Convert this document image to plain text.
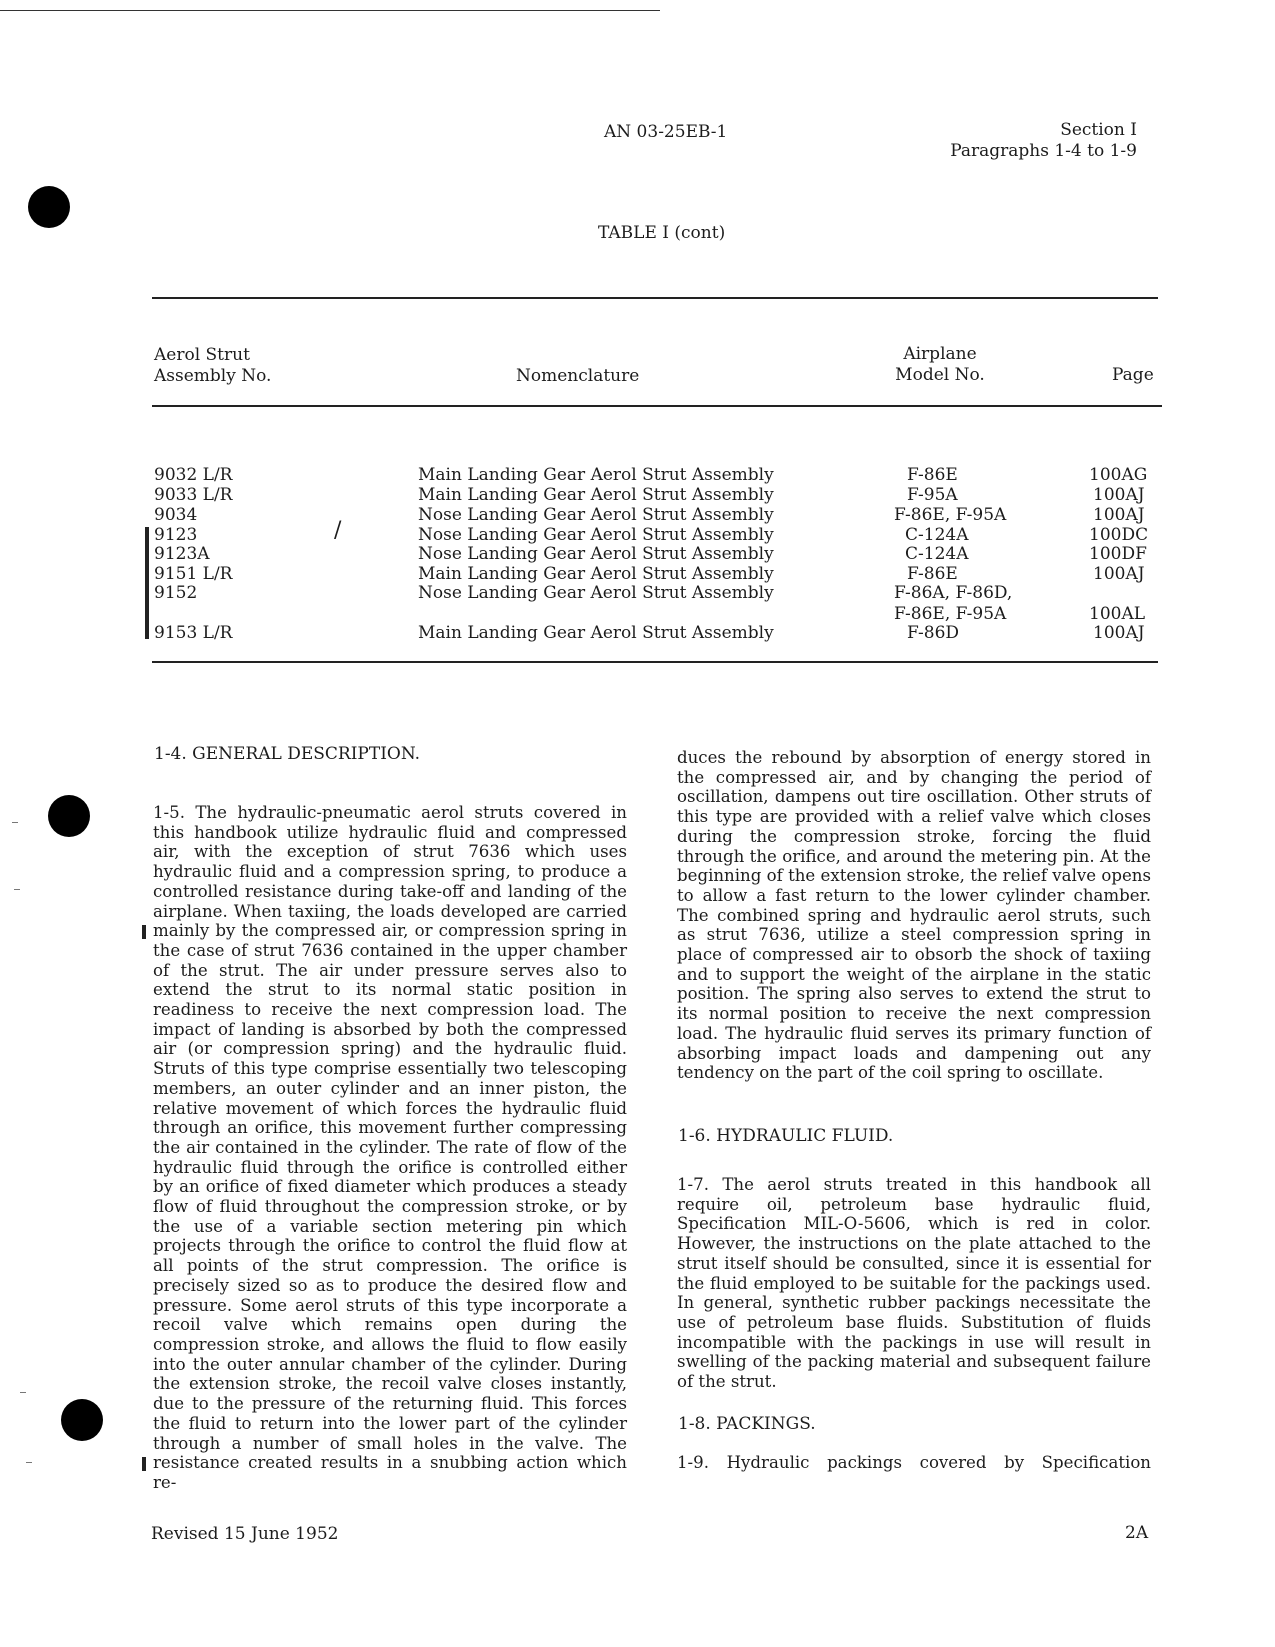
AN 03-25EB-1	Section I
Paragraphs 1-4 to 1-9
TABLE I (cont)
Aerol Strut
Assembly No.	Nomenclature
Airplane
Model No.	Page
9032 L/R	Main Landing Gear Aerol Strut Assembly	F-86E	100AG
9033 L/R	Main Landing Gear Aerol Strut Assembly	F-95A	100AJ
9034	Nose Landing Gear Aerol Strut Assembly	F-86E, F-95A	100AJ
9123	Nose Landing Gear Aerol Strut Assembly	C-124A	100DC
9123A	Nose Landing Gear Aerol Strut Assembly	C-124A	100DF
9151 L/R	Main Landing Gear Aerol Strut Assembly	F-86E	100AJ
9152	Nose Landing Gear Aerol Strut Assembly	F-86A, F-86D,
F-86E, F-95A	100AL
9153 L/R	Main Landing Gear Aerol Strut Assembly	F-86D	100AJ
/
1-4. GENERAL DESCRIPTION.

1-5. The hydraulic-pneumatic aerol struts covered in this handbook utilize hydraulic fluid and compressed air, with the exception of strut 7636 which uses hydraulic fluid and a compression spring, to produce a controlled resistance during take-off and landing of the airplane. When taxiing, the loads developed are carried mainly by the compressed air, or compression spring in the case of strut 7636 contained in the upper chamber of the strut. The air under pressure serves also to extend the strut to its normal static position in readiness to receive the next compression load. The impact of landing is absorbed by both the compressed air (or compression spring) and the hydraulic fluid. Struts of this type comprise essentially two telescoping members, an outer cylinder and an inner piston, the relative movement of which forces the hydraulic fluid through an orifice, this movement further compressing the air contained in the cylinder. The rate of flow of the hydraulic fluid through the orifice is controlled either by an orifice of fixed diameter which produces a steady flow of fluid throughout the compression stroke, or by the use of a variable section metering pin which projects through the orifice to control the fluid flow at all points of the strut compression. The orifice is precisely sized so as to produce the desired flow and pressure. Some aerol struts of this type incorporate a recoil valve which remains open during the compression stroke, and allows the fluid to flow easily into the outer annular chamber of the cylinder. During the extension stroke, the recoil valve closes instantly, due to the pressure of the returning fluid. This forces the fluid to return into the lower part of the cylinder through a number of small holes in the valve. The resistance created results in a snubbing action which re-

duces the rebound by absorption of energy stored in the compressed air, and by changing the period of oscillation, dampens out tire oscillation. Other struts of this type are provided with a relief valve which closes during the compression stroke, forcing the fluid through the orifice, and around the metering pin. At the beginning of the extension stroke, the relief valve opens to allow a fast return to the lower cylinder chamber. The combined spring and hydraulic aerol struts, such as strut 7636, utilize a steel compression spring in place of compressed air to obsorb the shock of taxiing and to support the weight of the airplane in the static position. The spring also serves to extend the strut to its normal position to receive the next compression load. The hydraulic fluid serves its primary function of absorbing impact loads and dampening out any tendency on the part of the coil spring to oscillate.

1-6. HYDRAULIC FLUID.

1-7. The aerol struts treated in this handbook all require oil, petroleum base hydraulic fluid, Specification MIL-O-5606, which is red in color. However, the instructions on the plate attached to the strut itself should be consulted, since it is essential for the fluid employed to be suitable for the packings used. In general, synthetic rubber packings necessitate the use of petroleum base fluids. Substitution of fluids incompatible with the packings in use will result in swelling of the packing material and subsequent failure of the strut.

1-8. PACKINGS.
1-9. Hydraulic packings covered by Specification
Revised 15 June 1952	2A
